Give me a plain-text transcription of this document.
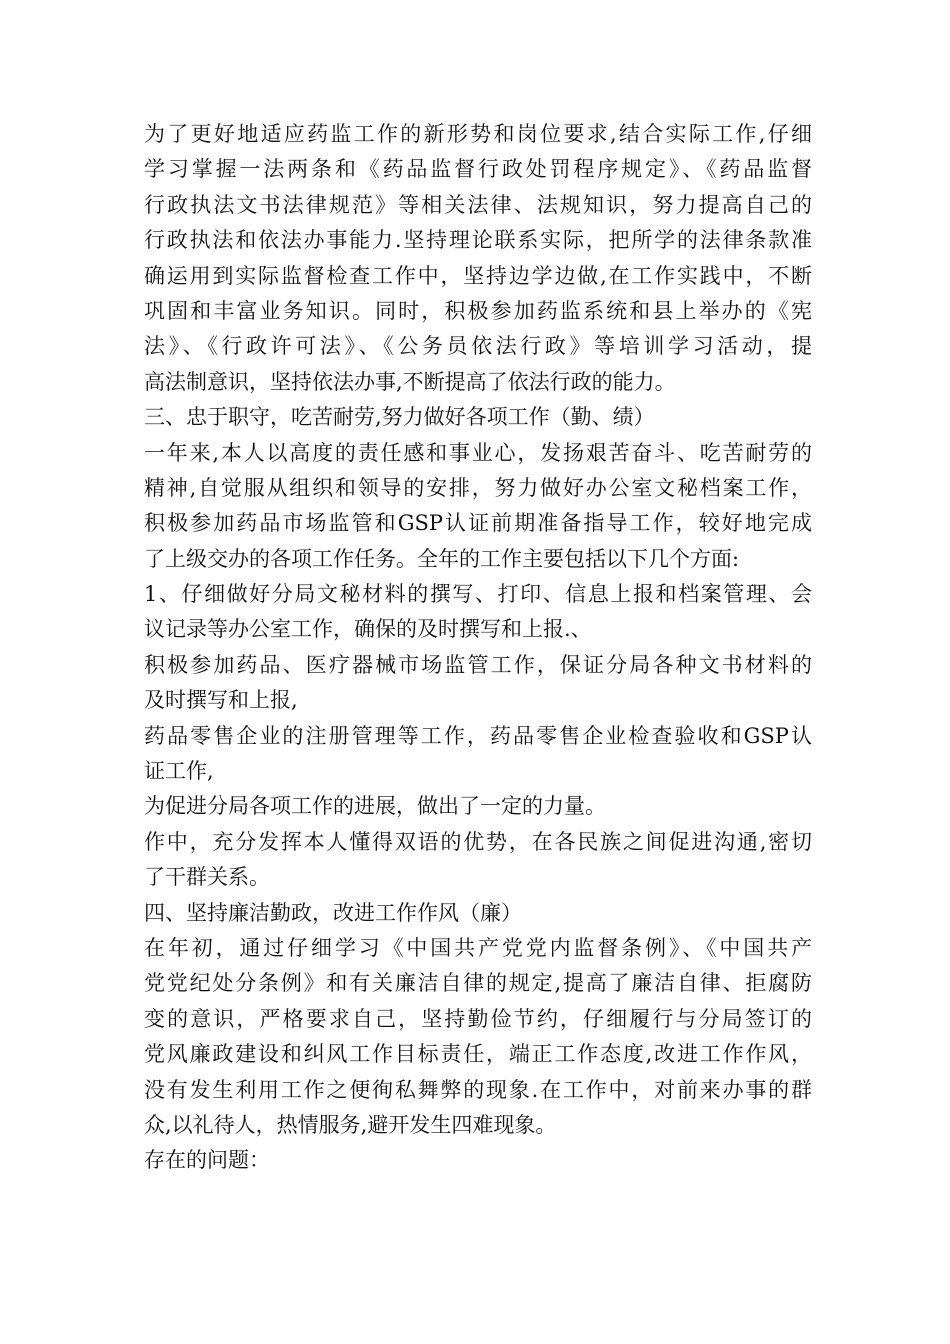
为了更好地适应药监工作的新形势和岗位要求,结合实际工作,仔细
学习掌握一法两条和《药品监督行政处罚程序规定》、《药品监督
行政执法文书法律规范》等相关法律、法规知识，努力提高自己的
行政执法和依法办事能力.坚持理论联系实际，把所学的法律条款准
确运用到实际监督检查工作中，坚持边学边做,在工作实践中，不断
巩固和丰富业务知识。同时，积极参加药监系统和县上举办的《宪
法》、《行政许可法》、《公务员依法行政》等培训学习活动，提
高法制意识，坚持依法办事,不断提高了依法行政的能力。
三、忠于职守，吃苦耐劳,努力做好各项工作（勤、绩）
一年来,本人以高度的责任感和事业心，发扬艰苦奋斗、吃苦耐劳的
精神,自觉服从组织和领导的安排，努力做好办公室文秘档案工作，
积极参加药品市场监管和GSP认证前期准备指导工作，较好地完成
了上级交办的各项工作任务。全年的工作主要包括以下几个方面:
1、仔细做好分局文秘材料的撰写、打印、信息上报和档案管理、会
议记录等办公室工作，确保的及时撰写和上报.、
积极参加药品、医疗器械市场监管工作，保证分局各种文书材料的
及时撰写和上报,
药品零售企业的注册管理等工作，药品零售企业检查验收和GSP认
证工作,
为促进分局各项工作的进展，做出了一定的力量。
作中，充分发挥本人懂得双语的优势，在各民族之间促进沟通,密切
了干群关系。
四、坚持廉洁勤政，改进工作作风（廉）
在年初，通过仔细学习《中国共产党党内监督条例》、《中国共产
党党纪处分条例》和有关廉洁自律的规定,提高了廉洁自律、拒腐防
变的意识，严格要求自己，坚持勤俭节约，仔细履行与分局签订的
党风廉政建设和纠风工作目标责任，端正工作态度,改进工作作风，
没有发生利用工作之便徇私舞弊的现象.在工作中，对前来办事的群
众,以礼待人，热情服务,避开发生四难现象。
存在的问题：
